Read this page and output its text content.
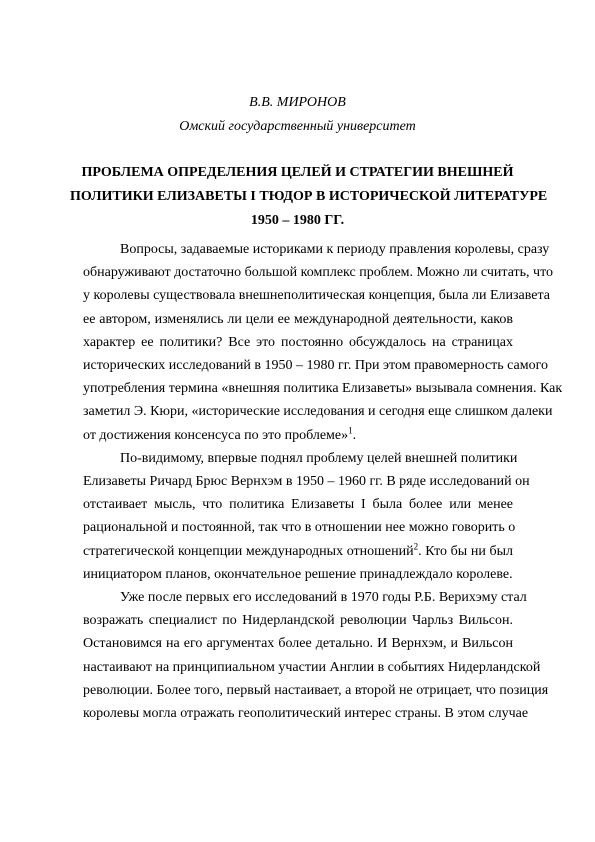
В.В. МИРОНОВ

Омский государственный университет

ПРОБЛЕМА ОПРЕДЕЛЕНИЯ ЦЕЛЕЙ И СТРАТЕГИИ ВНЕШНЕЙ
ПОЛИТИКИ ЕЛИЗАВЕТЫ I ТЮДОР В ИСТОРИЧЕСКОЙ ЛИТЕРАТУРЕ
1950 – 1980 ГГ.

Вопросы, задаваемые историками к периоду правления королевы, сразу
обнаруживают достаточно большой комплекс проблем. Можно ли считать, что
у королевы существовала внешнеполитическая концепция, была ли Елизавета
ее автором, изменялись ли цели ее международной деятельности, каков
характер ее политики? Все это постоянно обсуждалось на страницах
исторических исследований в 1950 – 1980 гг. При этом правомерность самого
употребления термина «внешняя политика Елизаветы» вызывала сомнения. Как
заметил Э. Кюри, «исторические исследования и сегодня еще слишком далеки
от достижения консенсуса по это проблеме»$^1$.

По-видимому, впервые поднял проблему целей внешней политики
Елизаветы Ричард Брюс Вернхэм в 1950 – 1960 гг. В ряде исследований он
отстаивает мысль, что политика Елизаветы I была более или менее
рациональной и постоянной, так что в отношении нее можно говорить о
стратегической концепции международных отношений$^2$. Кто бы ни был
инициатором планов, окончательное решение принадлеждало королеве.

Уже после первых его исследований в 1970 годы Р.Б. Верихэму стал
возражать специалист по Нидерландской революции Чарльз Вильсон.
Остановимся на его аргументах более детально. И Вернхэм, и Вильсон
настаивают на принципиальном участии Англии в событиях Нидерландской
революции. Более того, первый настаивает, а второй не отрицает, что позиция
королевы могла отражать геополитический интерес страны. В этом случае
